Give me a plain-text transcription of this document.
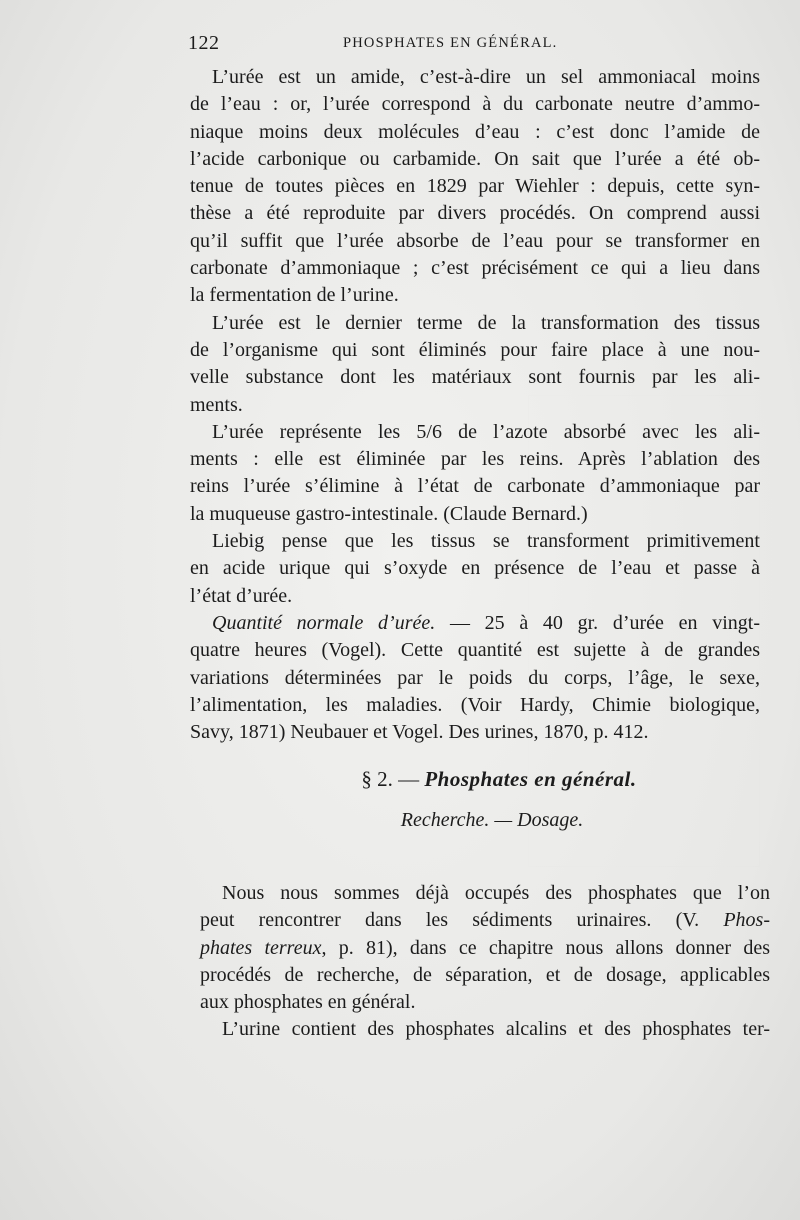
122	PHOSPHATES EN GÉNÉRAL.
L’urée est un amide, c’est-à-dire un sel ammoniacal moins
de l’eau : or, l’urée correspond à du carbonate neutre d’ammo-
niaque moins deux molécules d’eau : c’est donc l’amide de
l’acide carbonique ou carbamide. On sait que l’urée a été ob-
tenue de toutes pièces en 1829 par Wiehler : depuis, cette syn-
thèse a été reproduite par divers procédés. On comprend aussi
qu’il suffit que l’urée absorbe de l’eau pour se transformer en
carbonate d’ammoniaque ; c’est précisément ce qui a lieu dans
la fermentation de l’urine.
L’urée est le dernier terme de la transformation des tissus
de l’organisme qui sont éliminés pour faire place à une nou-
velle substance dont les matériaux sont fournis par les ali-
ments.
L’urée représente les 5/6 de l’azote absorbé avec les ali-
ments : elle est éliminée par les reins. Après l’ablation des
reins l’urée s’élimine à l’état de carbonate d’ammoniaque par
la muqueuse gastro-intestinale. (Claude Bernard.)
Liebig pense que les tissus se transforment primitivement
en acide urique qui s’oxyde en présence de l’eau et passe à
l’état d’urée.
Quantité normale d’urée. — 25 à 40 gr. d’urée en vingt-
quatre heures (Vogel). Cette quantité est sujette à de grandes
variations déterminées par le poids du corps, l’âge, le sexe,
l’alimentation, les maladies. (Voir Hardy, Chimie biologique,
Savy, 1871) Neubauer et Vogel. Des urines, 1870, p. 412.
§ 2. — Phosphates en général.
Recherche. — Dosage.
Nous nous sommes déjà occupés des phosphates que l’on
peut rencontrer dans les sédiments urinaires. (V. Phos-
phates terreux, p. 81), dans ce chapitre nous allons donner des
procédés de recherche, de séparation, et de dosage, applicables
aux phosphates en général.
L’urine contient des phosphates alcalins et des phosphates ter-
